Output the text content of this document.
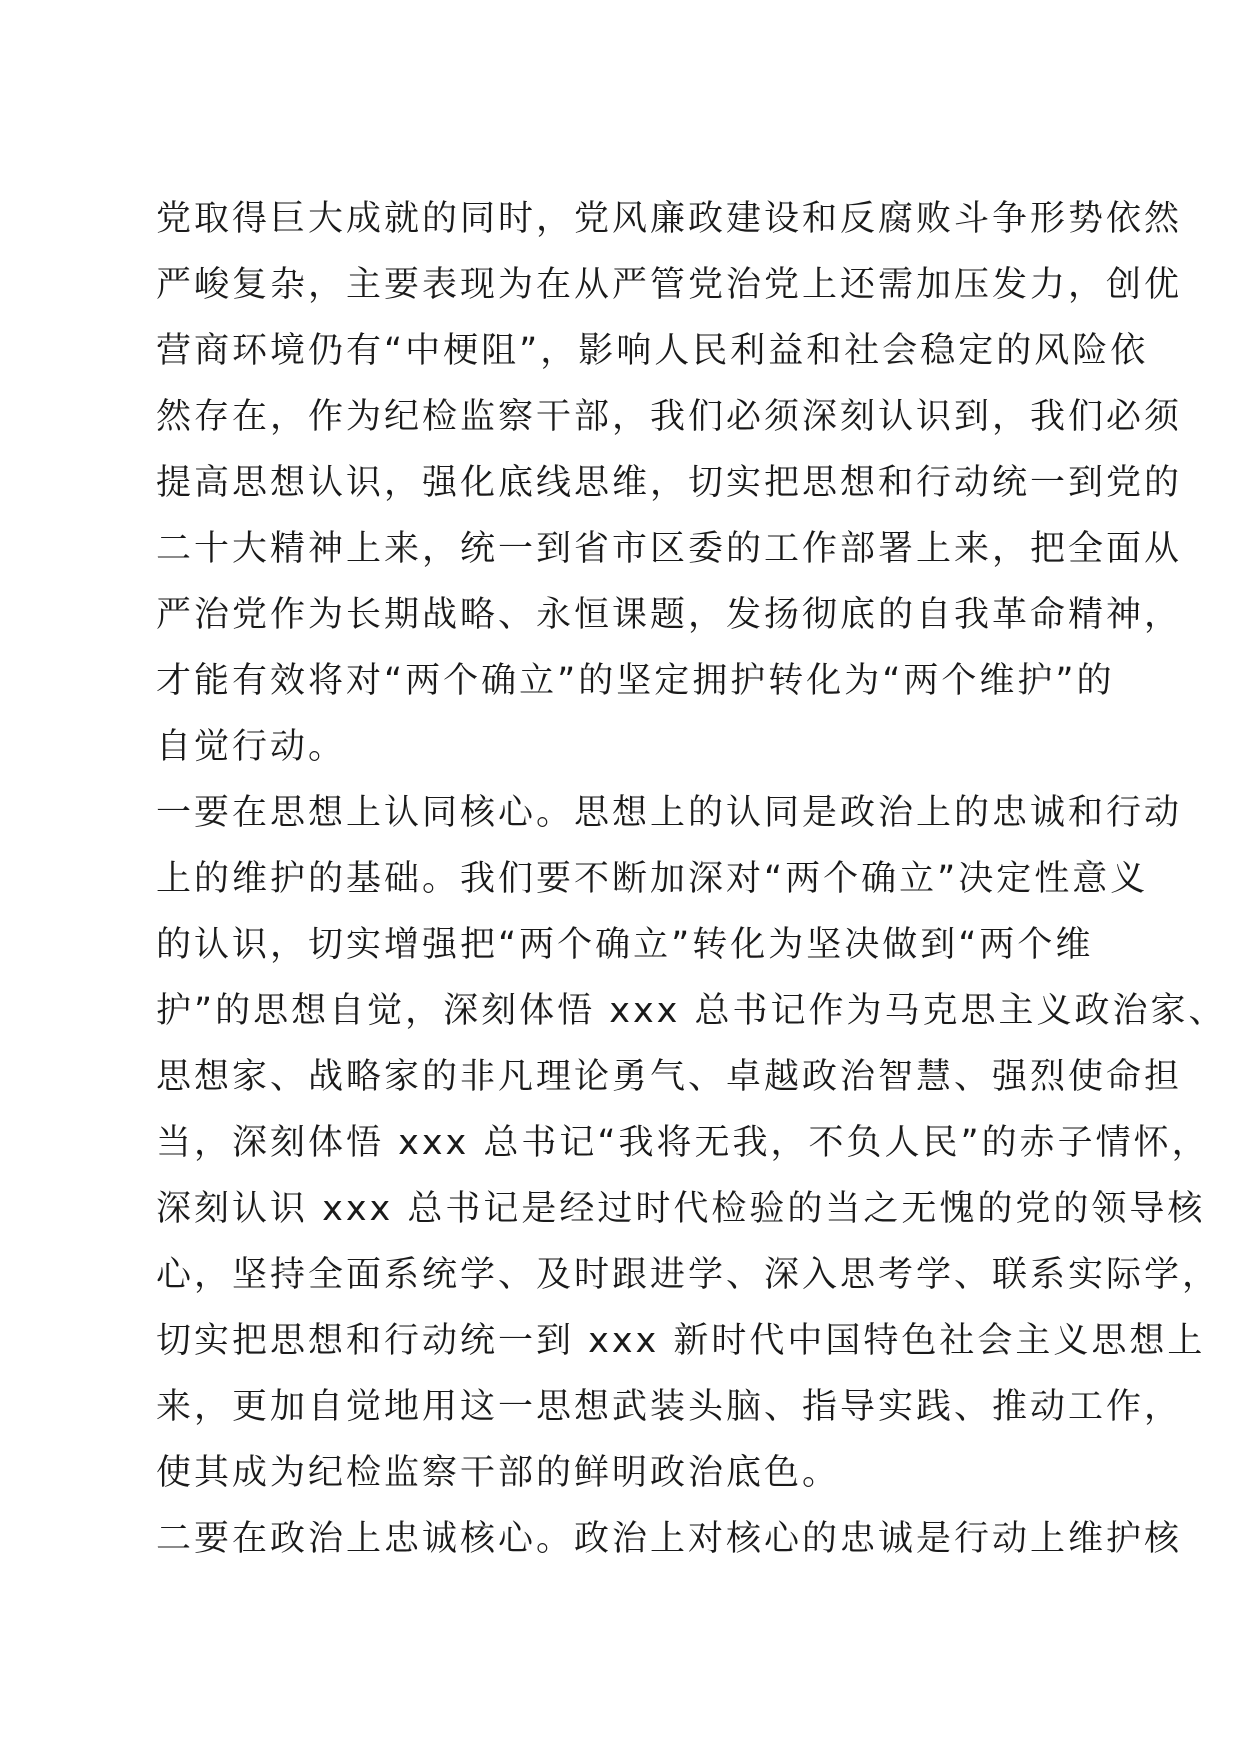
党取得巨大成就的同时，党风廉政建设和反腐败斗争形势依然
严峻复杂，主要表现为在从严管党治党上还需加压发力，创优
营商环境仍有“中梗阻”，影响人民利益和社会稳定的风险依
然存在，作为纪检监察干部，我们必须深刻认识到，我们必须
提高思想认识，强化底线思维，切实把思想和行动统一到党的
二十大精神上来，统一到省市区委的工作部署上来，把全面从
严治党作为长期战略、永恒课题，发扬彻底的自我革命精神，
才能有效将对“两个确立”的坚定拥护转化为“两个维护”的
自觉行动。
一要在思想上认同核心。思想上的认同是政治上的忠诚和行动
上的维护的基础。我们要不断加深对“两个确立”决定性意义
的认识，切实增强把“两个确立”转化为坚决做到“两个维
护”的思想自觉，深刻体悟 xxx 总书记作为马克思主义政治家、
思想家、战略家的非凡理论勇气、卓越政治智慧、强烈使命担
当，深刻体悟 xxx 总书记“我将无我，不负人民”的赤子情怀，
深刻认识 xxx 总书记是经过时代检验的当之无愧的党的领导核
心，坚持全面系统学、及时跟进学、深入思考学、联系实际学，
切实把思想和行动统一到 xxx 新时代中国特色社会主义思想上
来，更加自觉地用这一思想武装头脑、指导实践、推动工作，
使其成为纪检监察干部的鲜明政治底色。
二要在政治上忠诚核心。政治上对核心的忠诚是行动上维护核
